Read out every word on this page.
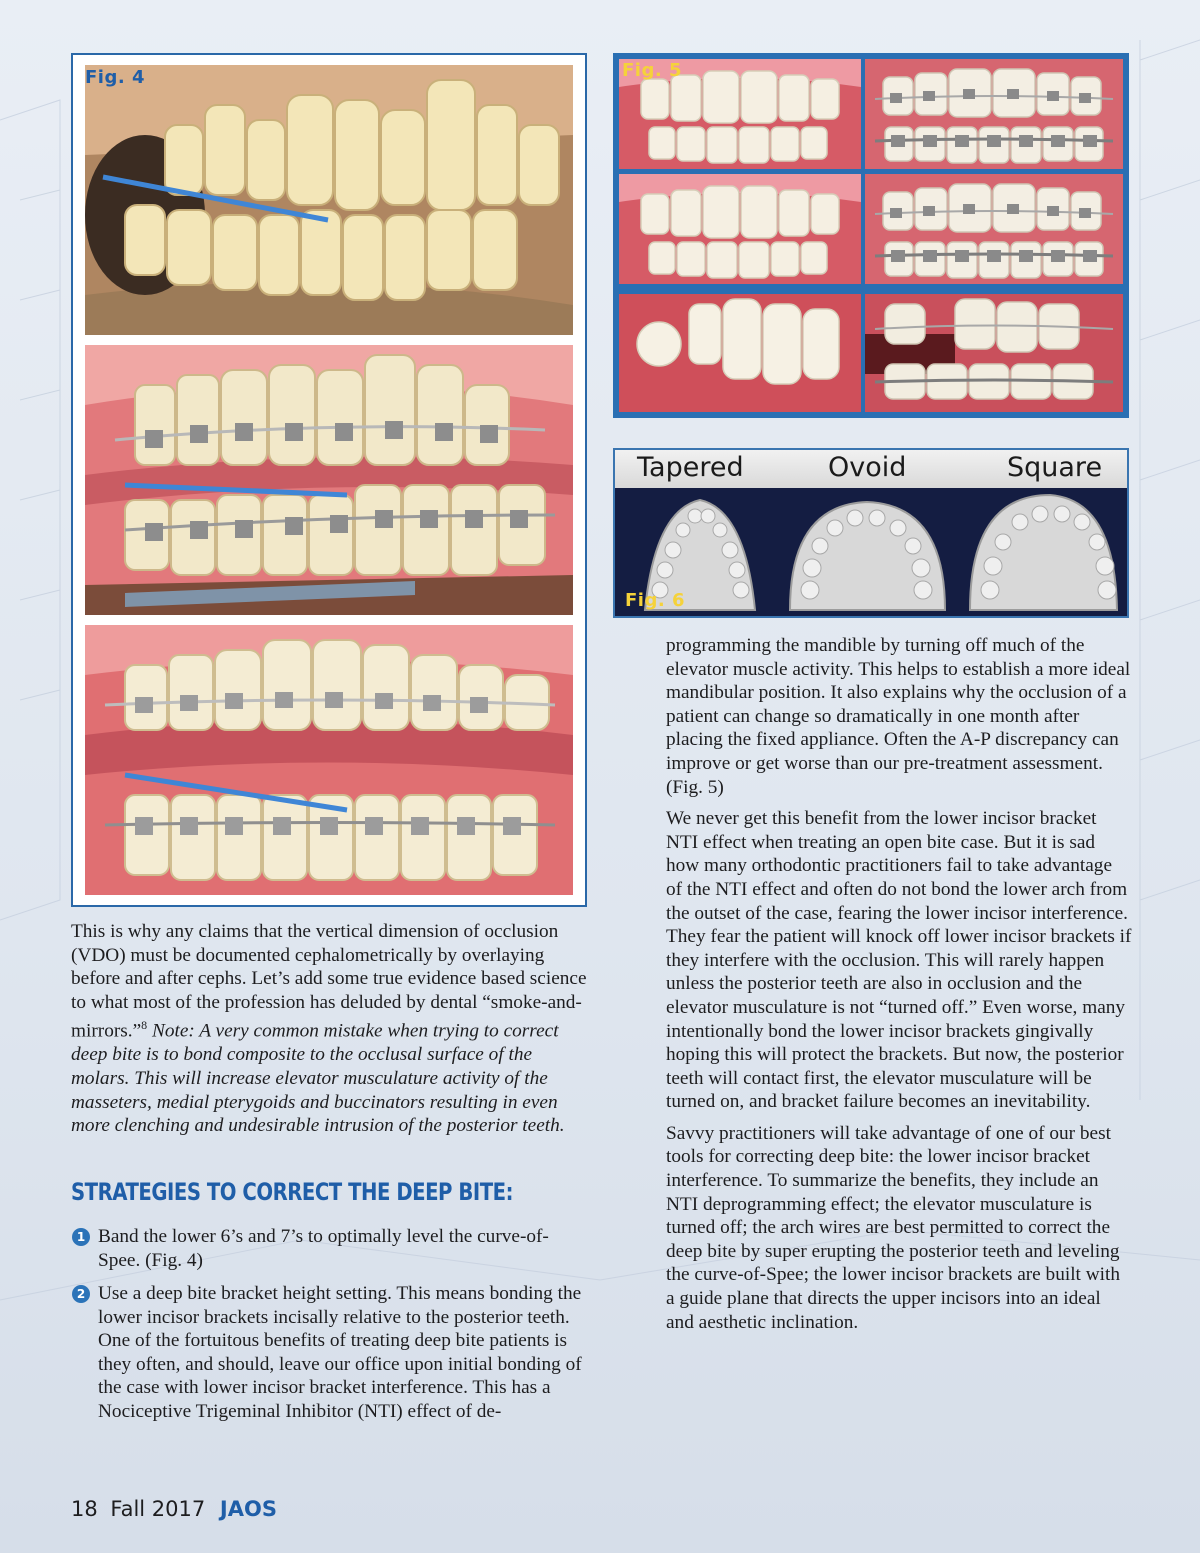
Fig. 4	Fig. 5
Tapered	Ovoid	Square
Fig. 6

This is why any claims that the vertical dimension of occlusion (VDO) must be documented cephalometrically by overlaying before and after cephs. Let’s add some true evidence based science to what most of the profession has deluded by dental “smoke-and-mirrors.”$^8$ Note: A very common mistake when trying to correct deep bite is to bond composite to the occlusal surface of the molars. This will increase elevator musculature activity of the masseters, medial pterygoids and buccinators resulting in even more clenching and undesirable intrusion of the posterior teeth.

STRATEGIES TO CORRECT THE DEEP BITE:
1 Band the lower 6’s and 7’s to optimally level the curve-of-Spee. (Fig. 4)
2 Use a deep bite bracket height setting. This means bonding the lower incisor brackets incisally relative to the posterior teeth. One of the fortuitous benefits of treating deep bite patients is they often, and should, leave our office upon initial bonding of the case with lower incisor bracket interference. This has a Nociceptive Trigeminal Inhibitor (NTI) effect of de-

programming the mandible by turning off much of the elevator muscle activity. This helps to establish a more ideal mandibular position. It also explains why the occlusion of a patient can change so dramatically in one month after placing the fixed appliance. Often the A-P discrepancy can improve or get worse than our pre-treatment assessment. (Fig. 5)

We never get this benefit from the lower incisor bracket NTI effect when treating an open bite case. But it is sad how many orthodontic practitioners fail to take advantage of the NTI effect and often do not bond the lower arch from the outset of the case, fearing the lower incisor interference. They fear the patient will knock off lower incisor brackets if they interfere with the occlusion. This will rarely happen unless the posterior teeth are also in occlusion and the elevator musculature is not “turned off.” Even worse, many intentionally bond the lower incisor brackets gingivally hoping this will protect the brackets. But now, the posterior teeth will contact first, the elevator musculature will be turned on, and bracket failure becomes an inevitability.

Savvy practitioners will take advantage of one of our best tools for correcting deep bite: the lower incisor bracket interference. To summarize the benefits, they include an NTI deprogramming effect; the elevator musculature is turned off; the arch wires are best permitted to correct the deep bite by super erupting the posterior teeth and leveling the curve-of-Spee; the lower incisor brackets are built with a guide plane that directs the upper incisors into an ideal and aesthetic inclination.

18 Fall 2017 JAOS
